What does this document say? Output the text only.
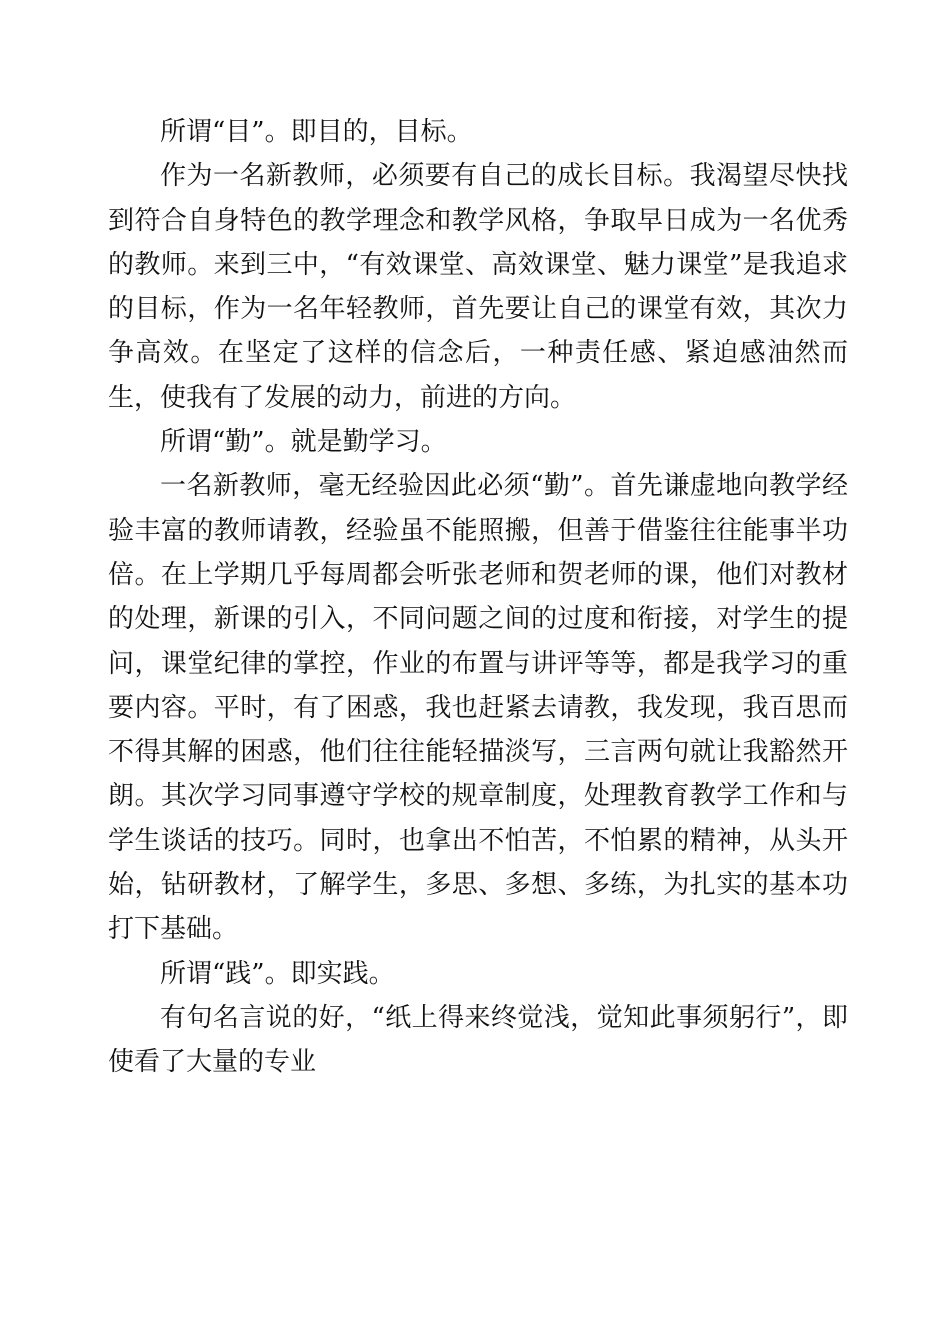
所谓“目”。即目的，目标。

作为一名新教师，必须要有自己的成长目标。我渴望尽快找到符合自身特色的教学理念和教学风格，争取早日成为一名优秀的教师。来到三中，“有效课堂、高效课堂、魅力课堂”是我追求的目标，作为一名年轻教师，首先要让自己的课堂有效，其次力争高效。在坚定了这样的信念后，一种责任感、紧迫感油然而生，使我有了发展的动力，前进的方向。

所谓“勤”。就是勤学习。

一名新教师，毫无经验因此必须“勤”。首先谦虚地向教学经验丰富的教师请教，经验虽不能照搬，但善于借鉴往往能事半功倍。在上学期几乎每周都会听张老师和贺老师的课，他们对教材的处理，新课的引入，不同问题之间的过度和衔接，对学生的提问，课堂纪律的掌控，作业的布置与讲评等等，都是我学习的重要内容。平时，有了困惑，我也赶紧去请教，我发现，我百思而不得其解的困惑，他们往往能轻描淡写，三言两句就让我豁然开朗。其次学习同事遵守学校的规章制度，处理教育教学工作和与学生谈话的技巧。同时，也拿出不怕苦，不怕累的精神，从头开始，钻研教材，了解学生，多思、多想、多练，为扎实的基本功打下基础。

所谓“践”。即实践。

有句名言说的好，“纸上得来终觉浅，觉知此事须躬行”，即使看了大量的专业
